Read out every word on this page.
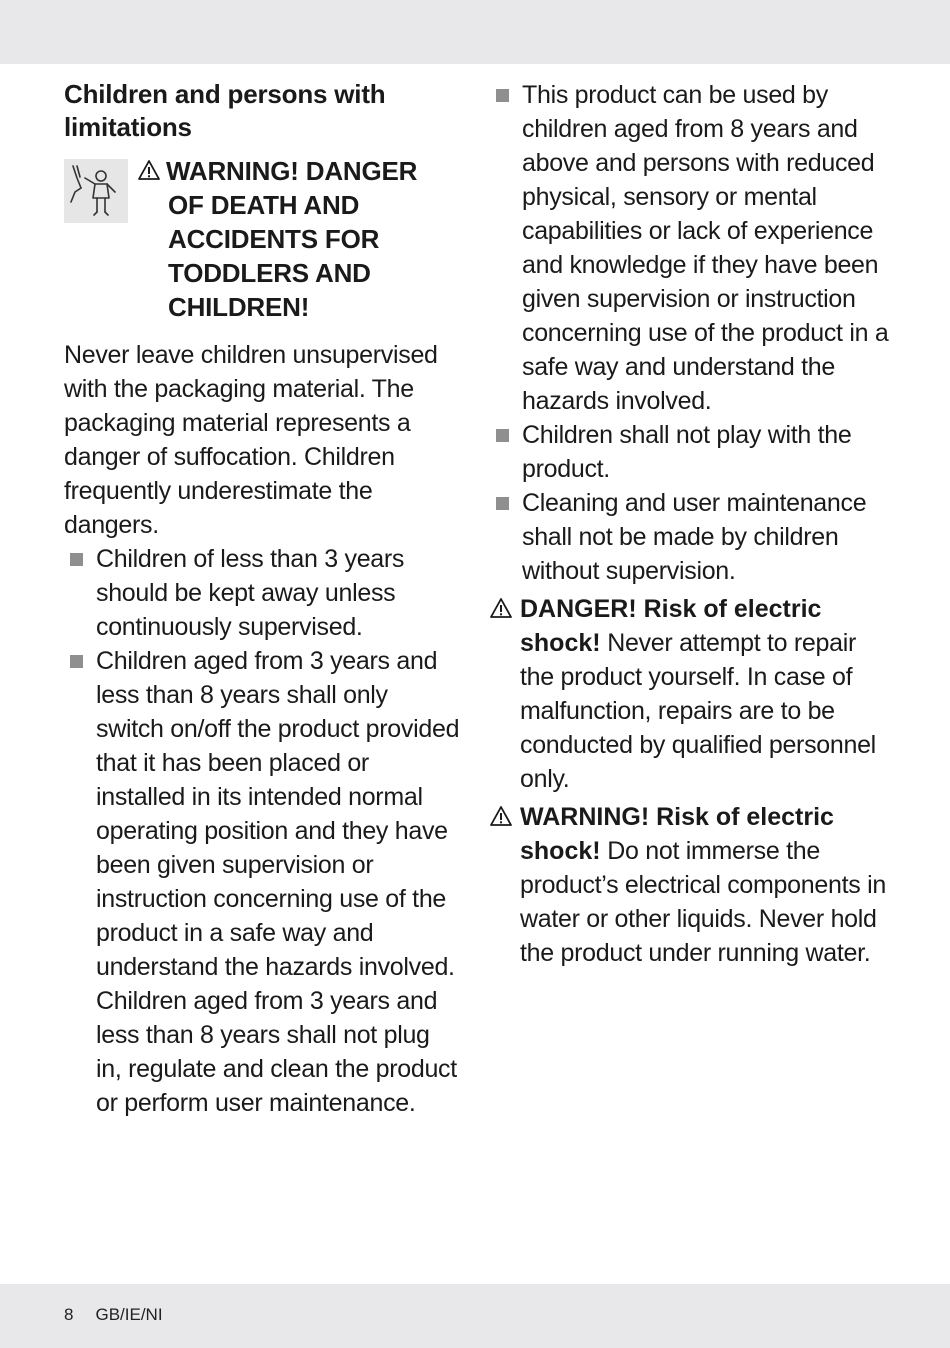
Children and persons with limitations
WARNING! DANGER
OF DEATH AND
ACCIDENTS FOR
TODDLERS AND
CHILDREN!

Never leave children unsupervised with the packaging material. The packaging material represents a danger of suffocation. Children frequently underestimate the dangers.

Children of less than 3 years should be kept away unless continuously supervised.
Children aged from 3 years and less than 8 years shall only switch on/off the product provided that it has been placed or installed in its intended normal operating position and they have been given supervision or instruction concerning use of the product in a safe way and understand the hazards involved.

Children aged from 3 years and less than 8 years shall not plug in, regulate and clean the product or perform user maintenance.

This product can be used by children aged from 8 years and above and persons with reduced physical, sensory or mental capabilities or lack of experience and knowledge if they have been given supervision or instruction concerning use of the product in a safe way and understand the hazards involved.
Children shall not play with the product.
Cleaning and user maintenance shall not be made by children without supervision.
DANGER! Risk of electric shock! Never attempt to repair the product yourself. In case of malfunction, repairs are to be conducted by qualified personnel only.
WARNING! Risk of electric shock! Do not immerse the product’s electrical components in water or other liquids. Never hold the product under running water.
8 GB/IE/NI
